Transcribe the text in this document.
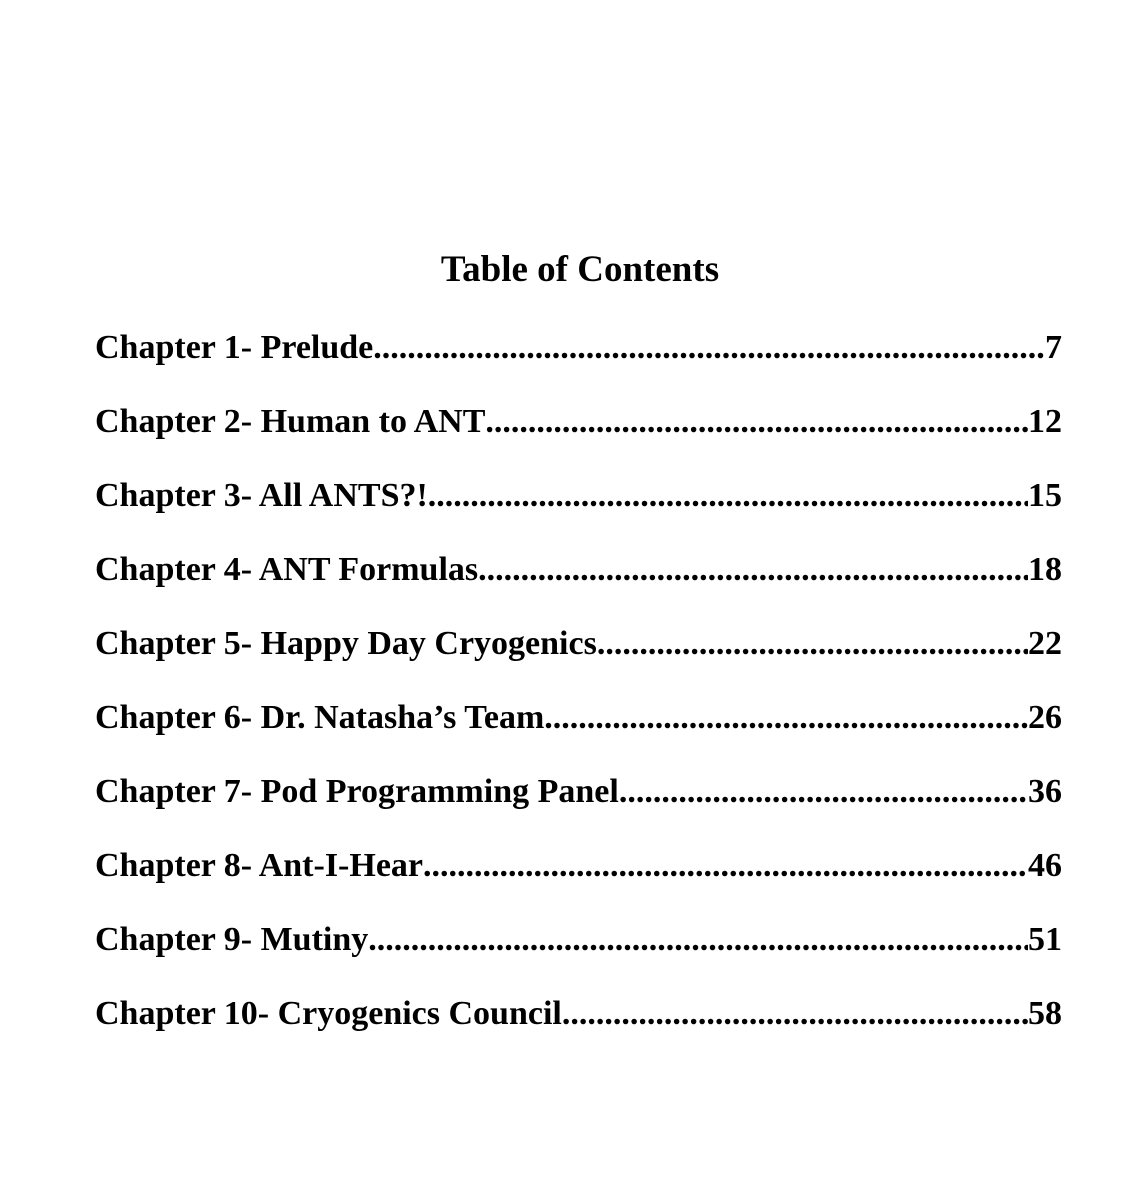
Table of Contents
Chapter 1- Prelude .....	7
Chapter 2- Human to ANT .....	12
Chapter 3- All ANTS?! .....	15
Chapter 4- ANT Formulas .....	18
Chapter 5- Happy Day Cryogenics .....	22
Chapter 6- Dr. Natasha’s Team .....	26
Chapter 7- Pod Programming Panel .....	36
Chapter 8- Ant-I-Hear .....	46
Chapter 9- Mutiny .....	51
Chapter 10- Cryogenics Council .....	58
